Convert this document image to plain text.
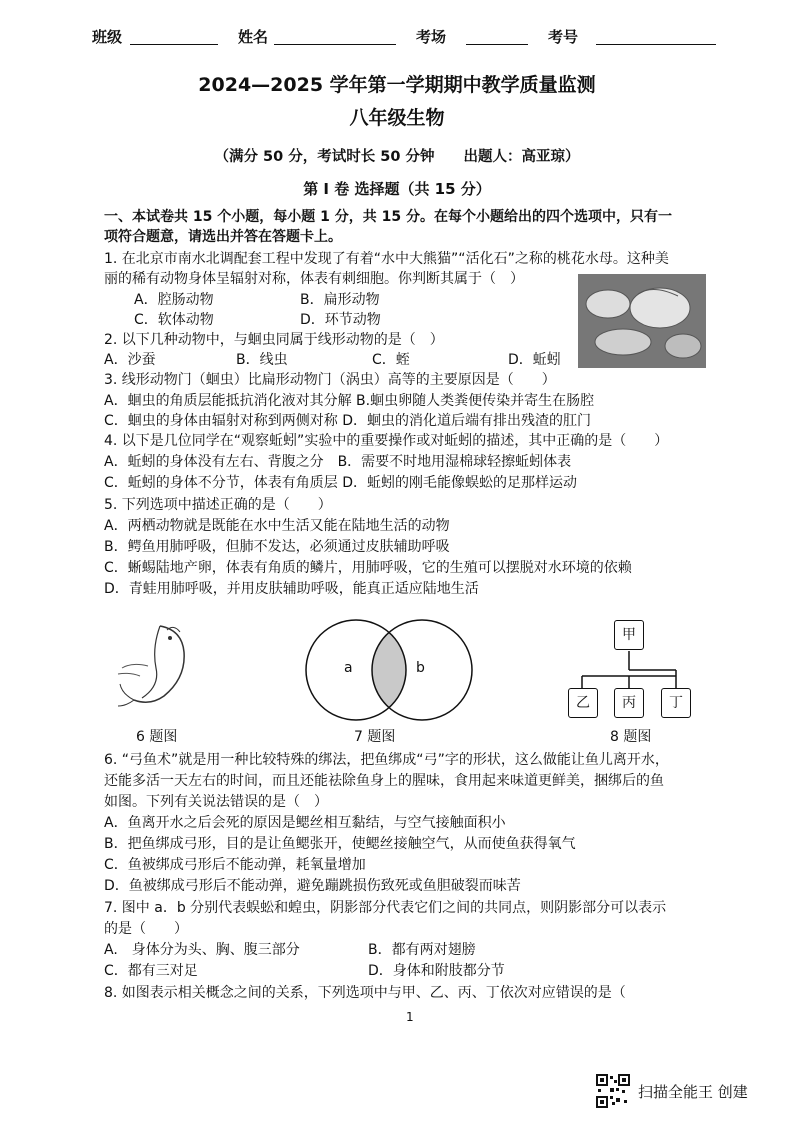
班级	姓名	考场	考号
2024—2025 学年第一学期期中教学质量监测
八年级生物
（满分 50 分，考试时长 50 分钟　　出题人：高亚琼）
第 I 卷 选择题（共 15 分）
一、本试卷共 15 个小题，每小题 1 分，共 15 分。在每个小题给出的四个选项中，只有一
项符合题意，请选出并答在答题卡上。
1. 在北京市南水北调配套工程中发现了有着“水中大熊猫”“活化石”之称的桃花水母。这种美
丽的稀有动物身体呈辐射对称，体表有刺细胞。你判断其属于（　）
A．腔肠动物	B．扁形动物
C．软体动物	D．环节动物
2. 以下几种动物中，与蛔虫同属于线形动物的是（　）
A．沙蚕	B．线虫	C．蛭	D．蚯蚓
3. 线形动物门（蛔虫）比扁形动物门（涡虫）高等的主要原因是（　　）
A．蛔虫的角质层能抵抗消化液对其分解 B.蛔虫卵随人类粪便传染并寄生在肠腔
C．蛔虫的身体由辐射对称到两侧对称 D．蛔虫的消化道后端有排出残渣的肛门
4. 以下是几位同学在“观察蚯蚓”实验中的重要操作或对蚯蚓的描述，其中正确的是（　　）
A．蚯蚓的身体没有左右、背腹之分　B．需要不时地用湿棉球轻擦蚯蚓体表
C．蚯蚓的身体不分节，体表有角质层 D．蚯蚓的刚毛能像蜈蚣的足那样运动
5. 下列选项中描述正确的是（　　）
A．两栖动物就是既能在水中生活又能在陆地生活的动物
B．鳄鱼用肺呼吸，但肺不发达，必须通过皮肤辅助呼吸
C．蜥蜴陆地产卵，体表有角质的鳞片，用肺呼吸，它的生殖可以摆脱对水环境的依赖
D．青蛙用肺呼吸，并用皮肤辅助呼吸，能真正适应陆地生活
a	b
甲
乙	丙	丁
6 题图	7 题图	8 题图
6. “弓鱼术”就是用一种比较特殊的绑法，把鱼绑成“弓”字的形状，这么做能让鱼儿离开水，
还能多活一天左右的时间，而且还能祛除鱼身上的腥味，食用起来味道更鲜美，捆绑后的鱼
如图。下列有关说法错误的是（　）
A．鱼离开水之后会死的原因是鳃丝相互黏结，与空气接触面积小
B．把鱼绑成弓形，目的是让鱼鳃张开，使鳃丝接触空气，从而使鱼获得氧气
C．鱼被绑成弓形后不能动弹，耗氧量增加
D．鱼被绑成弓形后不能动弹，避免蹦跳损伤致死或鱼胆破裂而味苦
7. 图中 a．b 分别代表蜈蚣和蝗虫，阴影部分代表它们之间的共同点，则阴影部分可以表示
的是（　　）
A.　身体分为头、胸、腹三部分	B．都有两对翅膀
C．都有三对足	D．身体和附肢都分节
8. 如图表示相关概念之间的关系，下列选项中与甲、乙、丙、丁依次对应错误的是（
1
扫描全能王 创建
